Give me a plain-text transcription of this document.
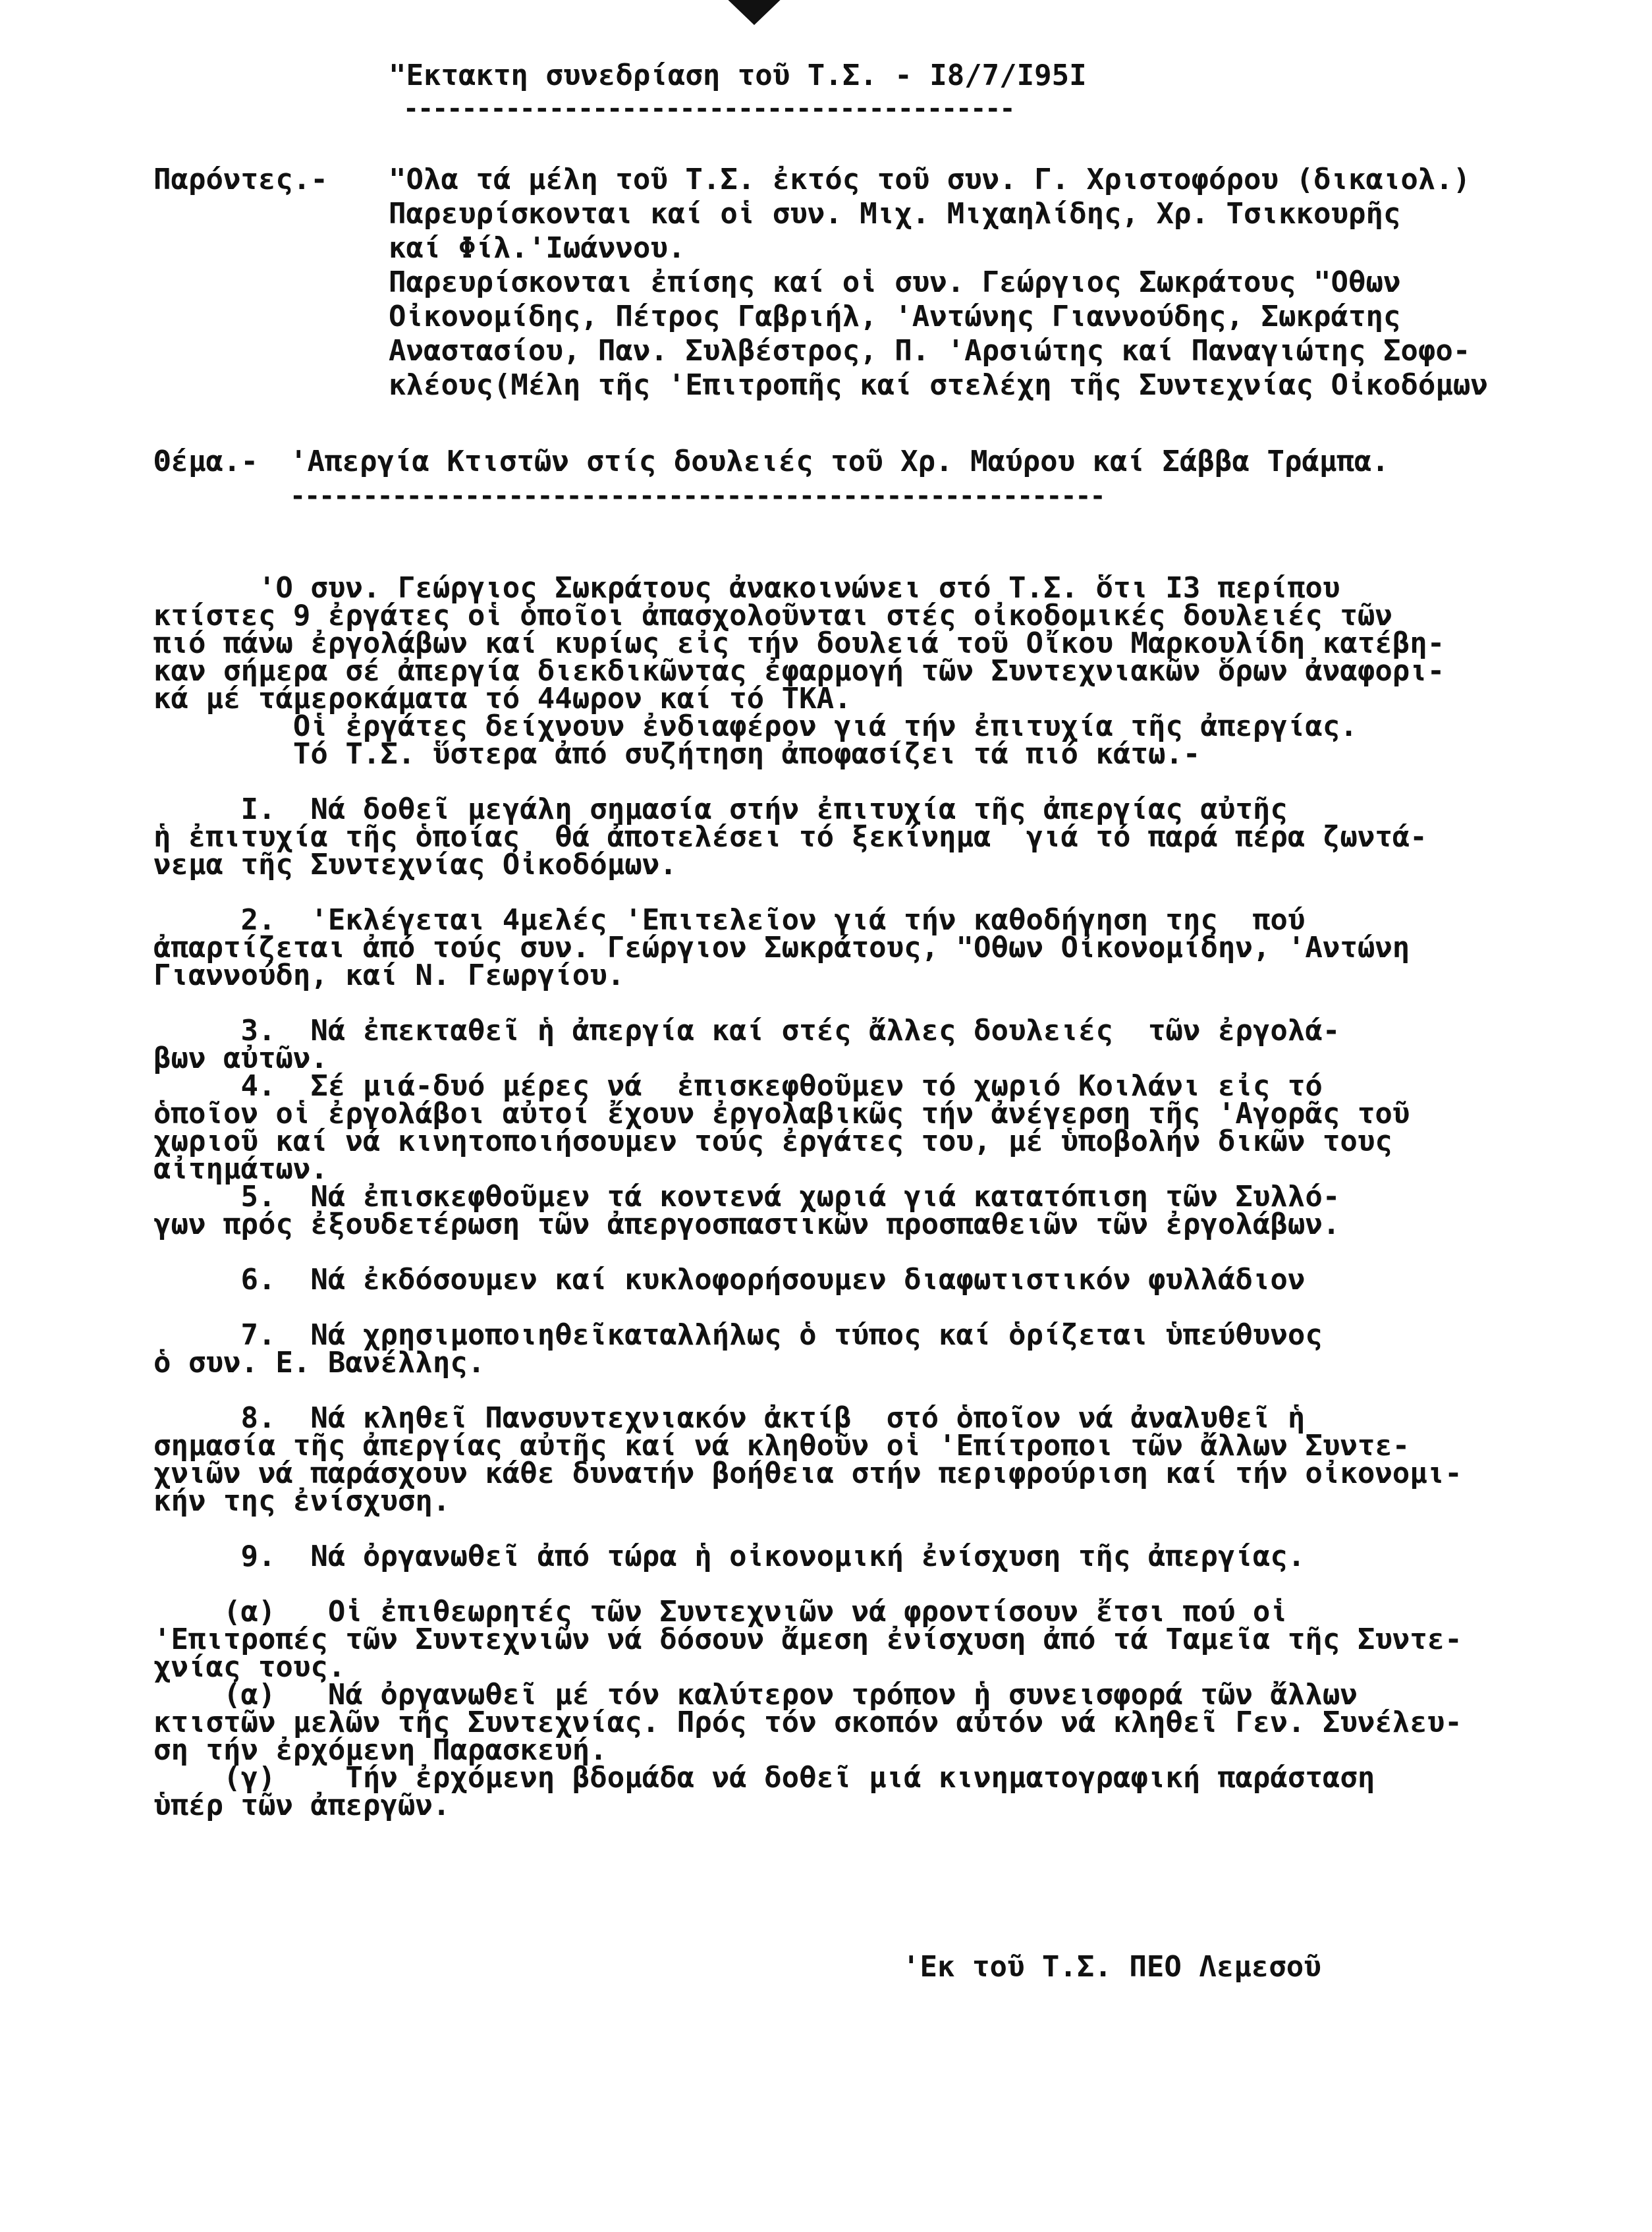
"Εκτακτη συνεδρίαση τοῦ Τ.Σ. - Ι8/7/Ι95Ι
------------------------------------------
Παρόντες.- "Ολα τά μέλη τοῦ Τ.Σ. ἐκτός τοῦ συν. Γ. Χριστοφόρου (δικαιολ.)
Παρευρίσκονται καί οἱ συν. Μιχ. Μιχαηλίδης, Χρ. Τσικκουρῆς
καί Φίλ.'Ιωάννου.
Παρευρίσκονται ἐπίσης καί οἱ συν. Γεώργιος Σωκράτους "Οθων
Οἰκονομίδης, Πέτρος Γαβριήλ, 'Αντώνης Γιαννούδης, Σωκράτης
Αναστασίου, Παν. Συλβέστρος, Π. 'Αρσιώτης καί Παναγιώτης Σοφο-
κλέους(Μέλη τῆς 'Επιτροπῆς καί στελέχη τῆς Συντεχνίας Οἰκοδόμων
Θέμα.- 'Απεργία Κτιστῶν στίς δουλειές τοῦ Χρ. Μαύρου καί Σάββα Τράμπα.
--------------------------------------------------------
'Ο συν. Γεώργιος Σωκράτους ἀνακοινώνει στό Τ.Σ. ὅτι Ι3 περίπου
κτίστες 9 ἐργάτες οἱ ὁποῖοι ἀπασχολοῦνται στές οἰκοδομικές δουλειές τῶν
πιό πάνω ἐργολάβων καί κυρίως εἰς τήν δουλειά τοῦ Οἴκου Μαρκουλίδη κατέβη-
καν σήμερα σέ ἀπεργία διεκδικῶντας ἐφαρμογή τῶν Συντεχνιακῶν ὅρων ἀναφορι-
κά μέ τάμεροκάματα τό 44ωρον καί τό ΤΚΑ.
Οἱ ἐργάτες δείχνουν ἐνδιαφέρον γιά τήν ἐπιτυχία τῆς ἀπεργίας.
Τό Τ.Σ. ὕστερα ἀπό συζήτηση ἀποφασίζει τά πιό κάτω.-
Ι.  Νά δοθεῖ μεγάλη σημασία στήν ἐπιτυχία τῆς ἀπεργίας αὐτῆς
ἡ ἐπιτυχία τῆς ὁποίας  θά ἀποτελέσει τό ξεκίνημα  γιά τό παρά πέρα ζωντά-
νεμα τῆς Συντεχνίας Οἰκοδόμων.
2.  'Εκλέγεται 4μελές 'Επιτελεῖον γιά τήν καθοδήγηση της  πού
ἀπαρτίζεται ἀπό τούς συν. Γεώργιον Σωκράτους, "Οθων Οἰκονομίδην, 'Αντώνη
Γιαννούδη, καί Ν. Γεωργίου.
3.  Νά ἐπεκταθεῖ ἡ ἀπεργία καί στές ἄλλες δουλειές  τῶν ἐργολά-
βων αὐτῶν.
4.  Σέ μιά-δυό μέρες νά  ἐπισκεφθοῦμεν τό χωριό Κοιλάνι εἰς τό
ὁποῖον οἱ ἐργολάβοι αὐτοί ἔχουν ἐργολαβικῶς τήν ἀνέγερση τῆς 'Αγορᾶς τοῦ
χωριοῦ καί νά κινητοποιήσουμεν τούς ἐργάτες του, μέ ὑποβολήν δικῶν τους
αἰτημάτων.
5.  Νά ἐπισκεφθοῦμεν τά κοντενά χωριά γιά κατατόπιση τῶν Συλλό-
γων πρός ἐξουδετέρωση τῶν ἀπεργοσπαστικῶν προσπαθειῶν τῶν ἐργολάβων.
6.  Νά ἐκδόσουμεν καί κυκλοφορήσουμεν διαφωτιστικόν φυλλάδιον
7.  Νά χρησιμοποιηθεῖκαταλλήλως ὁ τύπος καί ὁρίζεται ὑπεύθυνος
ὁ συν. Ε. Βανέλλης.
8.  Νά κληθεῖ Πανσυντεχνιακόν ἀκτίβ  στό ὁποῖον νά ἀναλυθεῖ ἡ
σημασία τῆς ἀπεργίας αὐτῆς καί νά κληθοῦν οἱ 'Επίτροποι τῶν ἄλλων Συντε-
χνιῶν νά παράσχουν κάθε δυνατήν βοήθεια στήν περιφρούριση καί τήν οἰκονομι-
κήν της ἐνίσχυση.
9.  Νά ὀργανωθεῖ ἀπό τώρα ἡ οἰκονομική ἐνίσχυση τῆς ἀπεργίας.
(α)   Οἱ ἐπιθεωρητές τῶν Συντεχνιῶν νά φροντίσουν ἔτσι πού οἱ
'Επιτροπές τῶν Συντεχνιῶν νά δόσουν ἄμεση ἐνίσχυση ἀπό τά Ταμεῖα τῆς Συντε-
χνίας τους.
(α)   Νά ὀργανωθεῖ μέ τόν καλύτερον τρόπον ἡ συνεισφορά τῶν ἄλλων
κτιστῶν μελῶν τῆς Συντεχνίας. Πρός τόν σκοπόν αὐτόν νά κληθεῖ Γεν. Συνέλευ-
ση τήν ἐρχόμενη Παρασκευή.
(γ)    Τήν ἐρχόμενη βδομάδα νά δοθεῖ μιά κινηματογραφική παράσταση
ὑπέρ τῶν ἀπεργῶν.
'Εκ τοῦ Τ.Σ. ΠΕΟ Λεμεσοῦ
